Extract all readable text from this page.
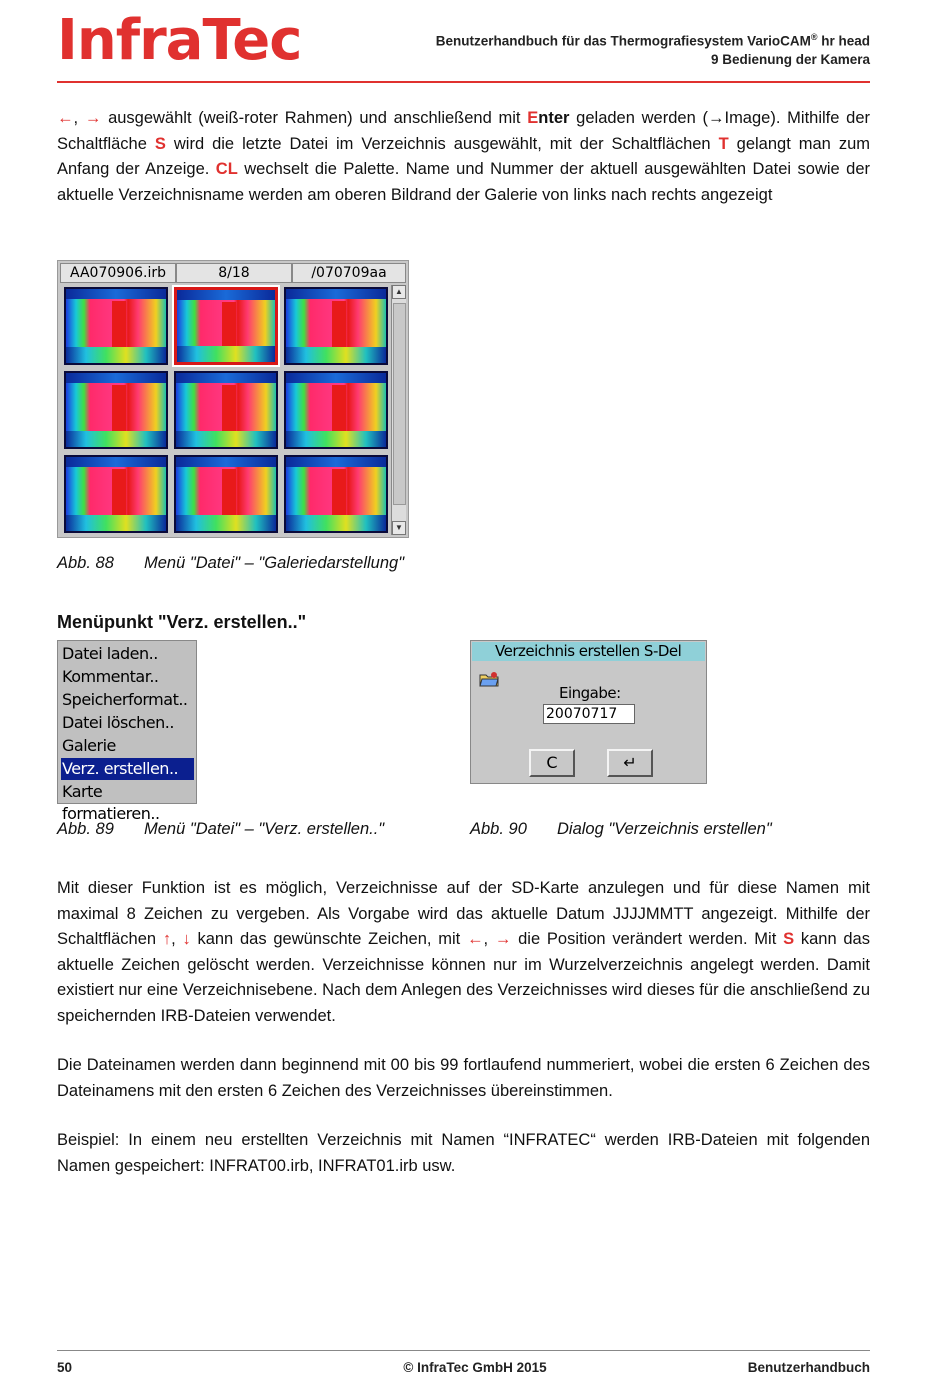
InfraTec	Benutzerhandbuch für das Thermografiesystem VarioCAM® hr head
9 Bedienung der Kamera
←, → ausgewählt (weiß-roter Rahmen) und anschließend mit Enter geladen werden (→Image). Mithilfe der Schaltfläche S wird die letzte Datei im Verzeichnis ausgewählt, mit der Schaltflächen T gelangt man zum Anfang der Anzeige. CL wechselt die Palette. Name und Nummer der aktuell ausgewählten Datei sowie der aktuelle Verzeichnisname werden am oberen Bildrand der Galerie von links nach rechts angezeigt
AA070906.irb	8/18	/070709aa
▲
▼
Abb. 88 Menü "Datei" – "Galeriedarstellung"
Menüpunkt "Verz. erstellen.."
Datei laden..
Kommentar..
Speicherformat..
Datei löschen..
Galerie
Verz. erstellen..
Karte formatieren..
Verzeichnis erstellen S-Del
Eingabe:
20070717
C	↵
Abb. 89 Menü "Datei" – "Verz. erstellen.."	Abb. 90 Dialog "Verzeichnis erstellen"
Mit dieser Funktion ist es möglich, Verzeichnisse auf der SD-Karte anzulegen und für diese Namen mit maximal 8 Zeichen zu vergeben. Als Vorgabe wird das aktuelle Datum JJJJMMTT angezeigt. Mithilfe der Schaltflächen ↑, ↓ kann das gewünschte Zeichen, mit ←, → die Position verändert werden. Mit S kann das aktuelle Zeichen gelöscht werden. Verzeichnisse können nur im Wurzelverzeichnis angelegt werden. Damit existiert nur eine Verzeichnisebene. Nach dem Anlegen des Verzeichnisses wird dieses für die anschließend zu speichernden IRB-Dateien verwendet.
Die Dateinamen werden dann beginnend mit 00 bis 99 fortlaufend nummeriert, wobei die ersten 6 Zeichen des Dateinamens mit den ersten 6 Zeichen des Verzeichnisses übereinstimmen.
Beispiel: In einem neu erstellten Verzeichnis mit Namen “INFRATEC“ werden IRB-Dateien mit folgenden Namen gespeichert: INFRAT00.irb, INFRAT01.irb usw.
50	© InfraTec GmbH 2015	Benutzerhandbuch
